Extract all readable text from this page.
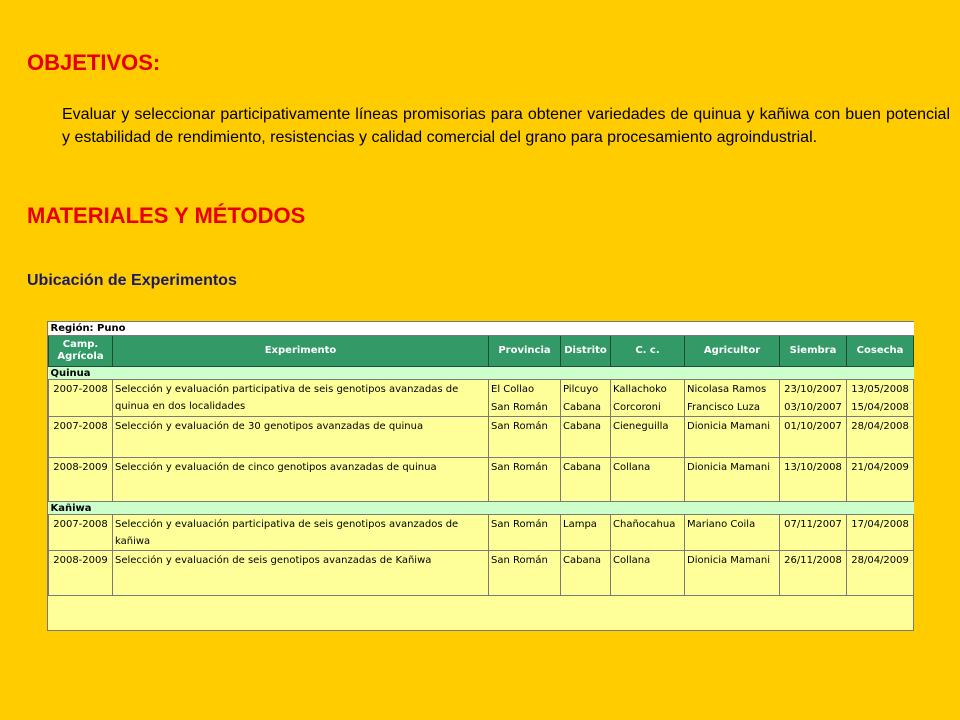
OBJETIVOS:

Evaluar y seleccionar participativamente líneas promisorias para obtener variedades de quinua y kañiwa con buen potencial y estabilidad de rendimiento, resistencias y calidad comercial del grano para procesamiento agroindustrial.

MATERIALES Y MÉTODOS
Ubicación de Experimentos
Región: Puno							
Camp. Agrícola	Experimento	Provincia	Distrito	C. c.	Agricultor	Siembra	Cosecha
Quinua							
2007-2008	Selección y evaluación participativa de seis genotipos avanzadas de quinua en dos localidades	El Collao	Pilcuyo	Kallachoko	Nicolasa Ramos	23/10/2007	13/05/2008
		San Román	Cabana	Corcoroni	Francisco Luza	03/10/2007	15/04/2008
2007-2008	Selección y evaluación de 30 genotipos avanzadas de quinua	San Román	Cabana	Cieneguilla	Dionicia Mamani	01/10/2007	28/04/2008

2008-2009	Selección y evaluación de cinco genotipos avanzadas de quinua	San Román	Cabana	Collana	Dionicia Mamani	13/10/2008	21/04/2009

Kañiwa							
2007-2008	Selección y evaluación participativa de seis genotipos avanzados de kañiwa	San Román	Lampa	Chañocahua	Mariano Coila	07/11/2007	17/04/2008
2008-2009	Selección y evaluación de seis genotipos avanzadas de Kañiwa	San Román	Cabana	Collana	Dionicia Mamani	26/11/2008	28/04/2009
